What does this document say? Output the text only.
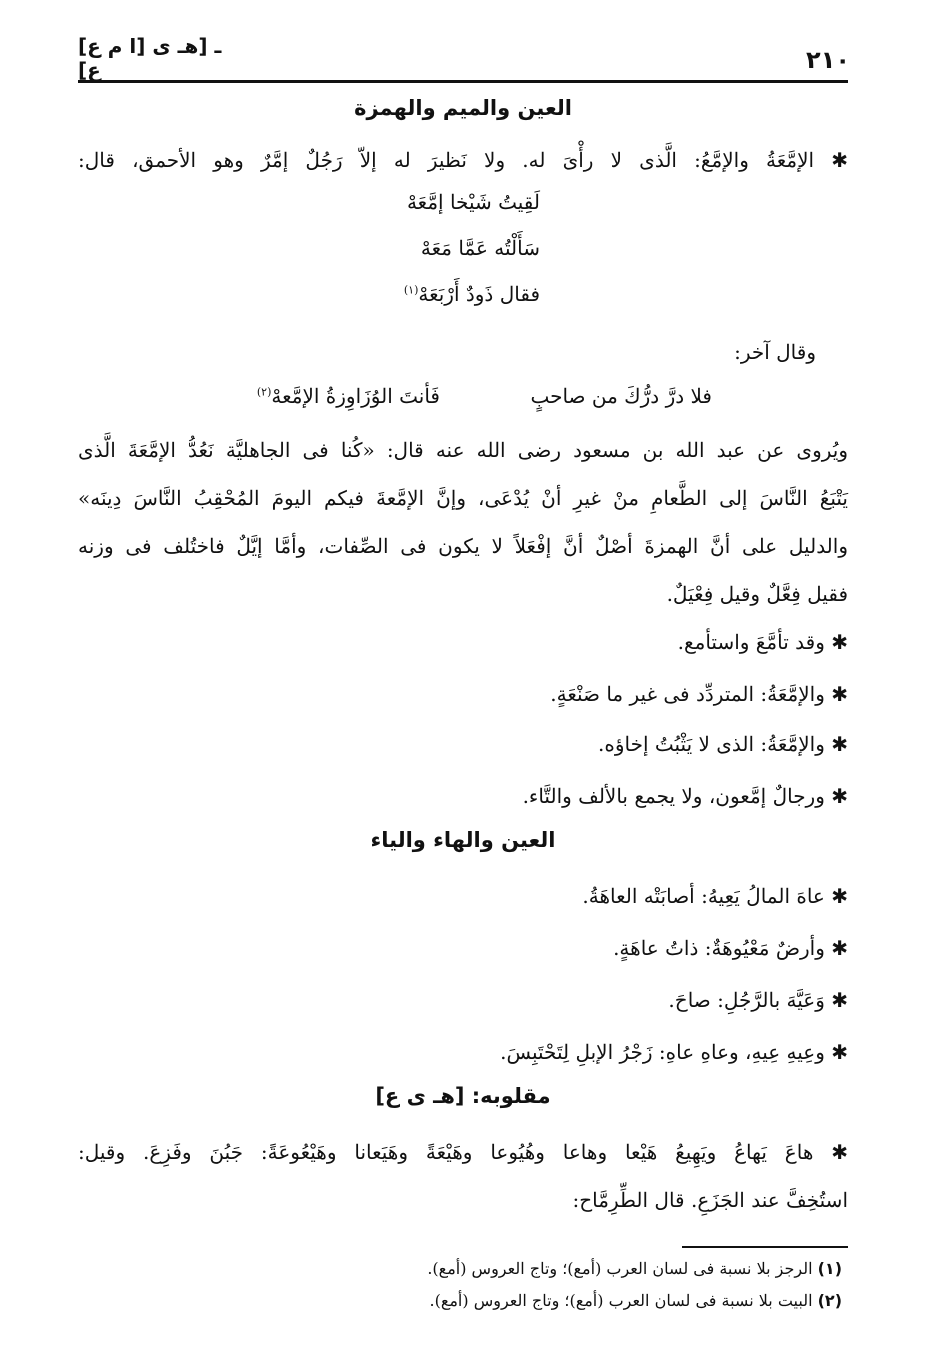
٢١٠
[ا م ع] ـ [هـ ى ع]
العين والميم والهمزة
✱ الإمَّعَةُ والإمَّعُ: الَّذى لا رأْىَ له. ولا نَظيرَ له إلاّ رَجُلٌ إمَّرٌ وهو الأحمق، قال:
لَقِيتُ شَيْخا إمَّعَهْ
سَأَلْتُه عَمَّا مَعَهْ
فقال ذَودٌ أَرْبَعَهْ$^{(١)}$
وقال آخر:
فلا درَّ درُّكَ من صاحبٍ
فَأنتَ الوُزَاوِزةُ الإمَّعهْ$^{(٢)}$
ويُروى عن عبد الله بن مسعود رضى الله عنه قال: «كُنا فى الجاهليَّة نَعُدُّ الإمَّعَةَ الَّذى
يَتْبَعُ النَّاسَ إلى الطَّعامِ منْ غيرِ أنْ يُدْعَى، وإنَّ الإمَّعةَ فيكم اليومَ المُحْقِبُ النَّاسَ دِينَه»
والدليل على أنَّ الهمزةَ أصْلٌ أنَّ إفْعَلاً لا يكون فى الصِّفات، وأمَّا إيَّلٌ فاختُلف فى وزنه
فقيل فِعَّلٌ وقيل فِعْيَلٌ.
✱ وقد تأمَّعَ واستأمع.
✱ والإمَّعَةُ: المتردِّد فى غير ما صَنْعَةٍ.
✱ والإمَّعَةُ: الذى لا يَثْبُتُ إخاؤه.
✱ ورجالٌ إمَّعون، ولا يجمع بالألف والتَّاء.
العين والهاء والياء
✱ عاهَ المالُ يَعِيهُ: أصابَتْه العاهَةُ.
✱ وأرضٌ مَعْيُوهَةٌ: ذاتُ عاهَةٍ.
✱ وَعَيَّهَ بالرَّجُلِ: صاحَ.
✱ وعِيهِ عِيهِ، وعاهِ عاهِ: زَجْرُ الإبلِ لِتَحْتَبِسَ.
مقلوبه: [هـ ى ع]
✱ هاعَ يَهاعُ ويَهِيعُ هَيْعا وهاعا وهُيُوعا وهَيْعَةً وهَيَعانا وهَيْعُوعَةً: جَبُنَ وفَزِعَ. وقيل:
استُخِفَّ عند الجَزَعِ. قال الطِّرِمَّاح:
(١) الرجز بلا نسبة فى لسان العرب (أمع)؛ وتاج العروس (أمع).
(٢) البيت بلا نسبة فى لسان العرب (أمع)؛ وتاج العروس (أمع).
